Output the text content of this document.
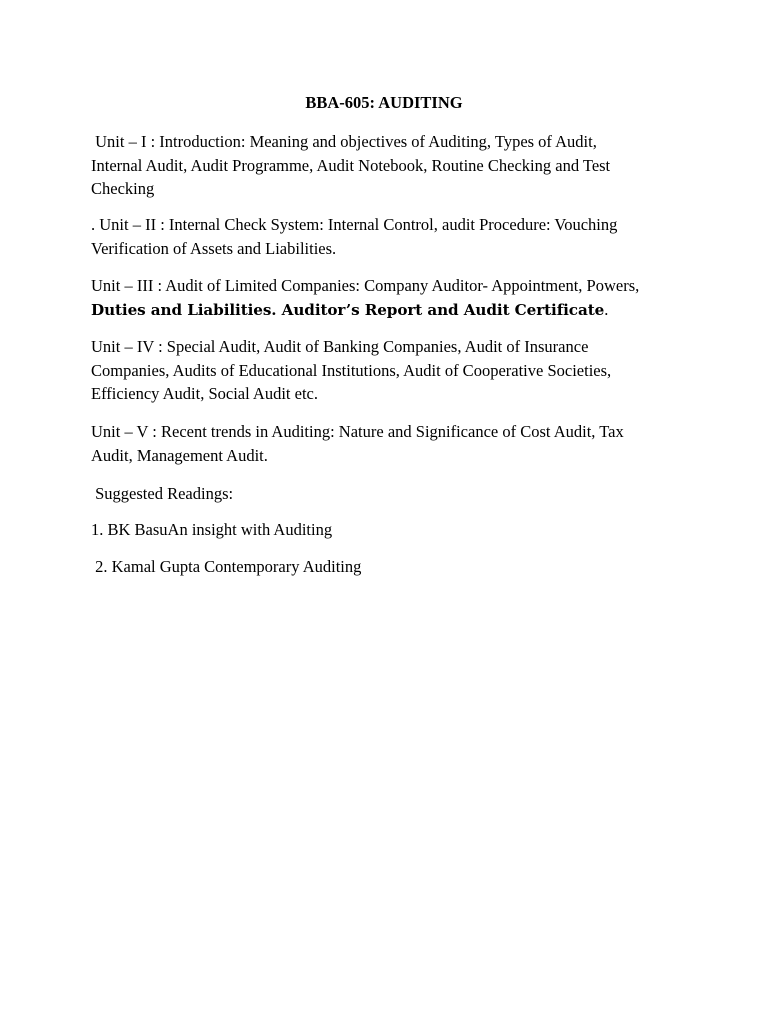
BBA-605: AUDITING

Unit – I : Introduction: Meaning and objectives of Auditing, Types of Audit,
Internal Audit, Audit Programme, Audit Notebook, Routine Checking and Test
Checking

. Unit – II : Internal Check System: Internal Control, audit Procedure: Vouching
Verification of Assets and Liabilities.

Unit – III : Audit of Limited Companies: Company Auditor- Appointment, Powers,
Duties and Liabilities. Auditor’s Report and Audit Certificate.

Unit – IV : Special Audit, Audit of Banking Companies, Audit of Insurance
Companies, Audits of Educational Institutions, Audit of Cooperative Societies,
Efficiency Audit, Social Audit etc.

Unit – V : Recent trends in Auditing: Nature and Significance of Cost Audit, Tax
Audit, Management Audit.

Suggested Readings:

1. BK BasuAn insight with Auditing

2. Kamal Gupta Contemporary Auditing
